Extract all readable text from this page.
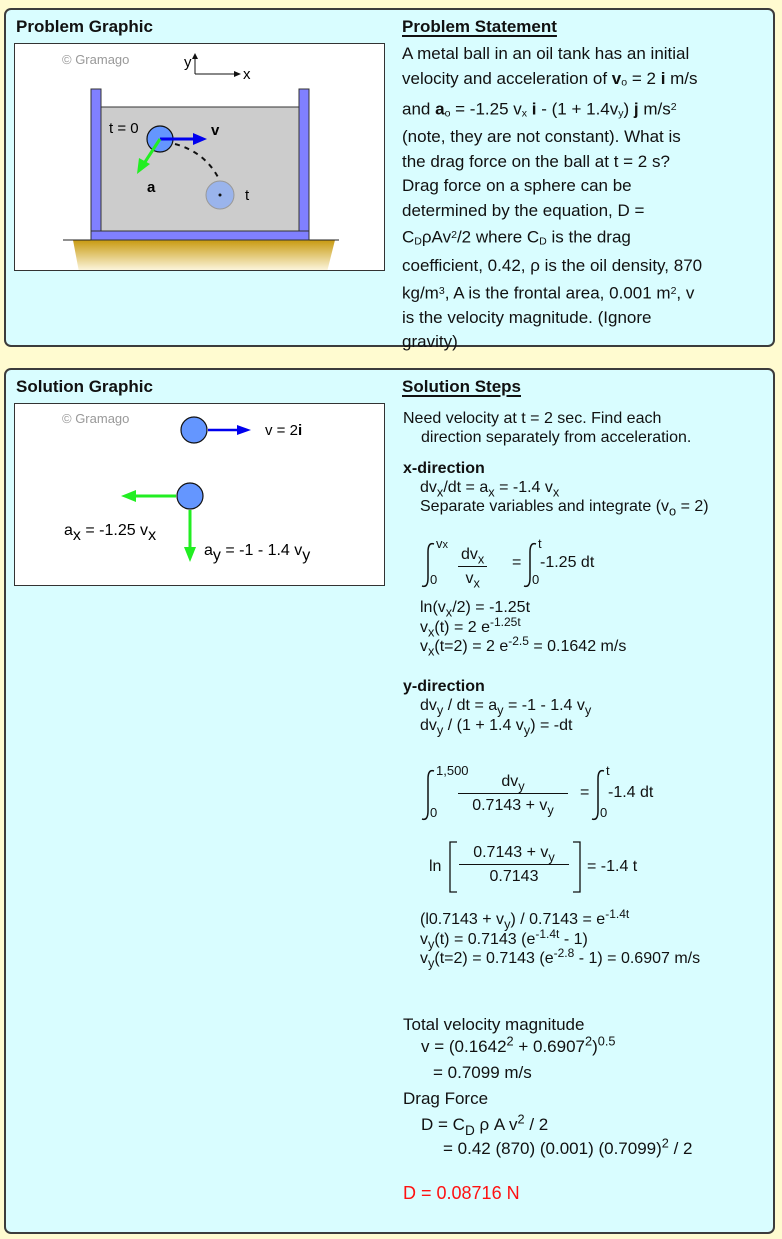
Problem Graphic	Problem Statement
© Gramago	y
x
t = 0
t
v
a
A metal ball in an oil tank has an initial
velocity and acceleration of vo = 2 i m/s
and ao = -1.25 vx i - (1 + 1.4vy) j $m/s^2$
(note, they are not constant). What is
the drag force on the ball at t = 2 s?
Drag force on a sphere can be
determined by the equation, D =
CDρAv$^2$/2 where CD is the drag
coefficient, 0.42, ρ is the oil density, 870
$kg/m^3$, A is the frontal area, 0.001 $m^2$, v
is the velocity magnitude. (Ignore
gravity)
Solution Graphic	Solution Steps
© Gramago
v = 2i
ax = -1.25 vx
ay = -1 - 1.4 vy
Need velocity at t = 2 sec. Find each
direction separately from acceleration.
x-direction
$dv_x/dt = a_x = -1.4$ $v_x$
Separate variables and integrate $(v_o = 2)$
vx
$0 \frac{dv_x}{v_x}$ =
t
0
-1.25 dt
$\ln(v_x/2) = -1.25t$
$v_x(t) = 2$ $e^{-1.25t}$
$v_x(t=2) = 2$ $e^{-2.5} = 0.1642$ m/s
y-direction
$dv_y$ / dt = $a_y = -1 - 1.4$ $v_y$
$dv_y / (1 + 1.4$ $v_y) = -dt$
1,500
$0 \frac{dv_y}{0.7143 + v_y}$ =
t
0
-1.4 dt
$\ln \frac{0.7143 + v_y}{0.7143} = -1.4$ t
$(l0.7143 + v_y) / 0.7143 = e^{-1.4t}$
$v_y(t) = 0.7143$ $(e^{-1.4t} - 1)$
$v_y(t=2) = 0.7143$ $(e^{-2.8} - 1) = 0.6907$ m/s
Total velocity magnitude
$v = (0.1642^2 + 0.6907^2)^{0.5}$
= 0.7099 m/s
Drag Force
$D = C_D$ ρ A $v^2 / 2$
= 0.42 (870) (0.001) $(0.7099)^2 / 2$
D = 0.08716 N
